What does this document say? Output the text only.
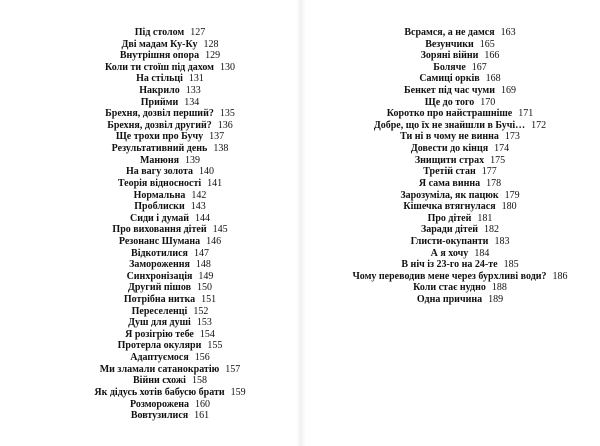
Під столом 127
Дві мадам Ку-Ку 128
Внутрішня опора 129
Коли ти стоїш під дахом 130
На стільці 131
Накрило 133
Прийми 134
Брехня, дозвіл перший? 135
Брехня, дозвіл другий? 136
Ще трохи про Бучу 137
Результативний день 138
Манюня 139
На вагу золота 140
Теорія відносності 141
Нормальна 142
Проблиски 143
Сиди і думай 144
Про виховання дітей 145
Резонанс Шумана 146
Відкотилися 147
Замороження 148
Синхронізація 149
Другий пішов 150
Потрібна нитка 151
Переселенці 152
Душ для душі 153
Я розігрію тебе 154
Протерла окуляри 155
Адаптуємося 156
Ми зламали сатанократію 157
Війни схожі 158
Як дідусь хотів бабусю брати 159
Розморожена 160
Вовтузилися 161
Всрамся, а не дамся 163
Везунчики 165
Зоряні війни 166
Боляче 167
Самиці орків 168
Бенкет під час чуми 169
Ще до того 170
Коротко про найстрашніше 171
Добре, що їх не знайшли в Бучі… 172
Ти ні в чому не винна 173
Довести до кінця 174
Знищити страх 175
Третій стан 177
Я сама винна 178
Зарозуміла, як пацюк 179
Кішечка втягнулася 180
Про дітей 181
Заради дітей 182
Глисти-окупанти 183
А я хочу 184
В ніч із 23-го на 24-те 185
Чому переводив мене через бурхливі води? 186
Коли стає нудно 188
Одна причина 189
